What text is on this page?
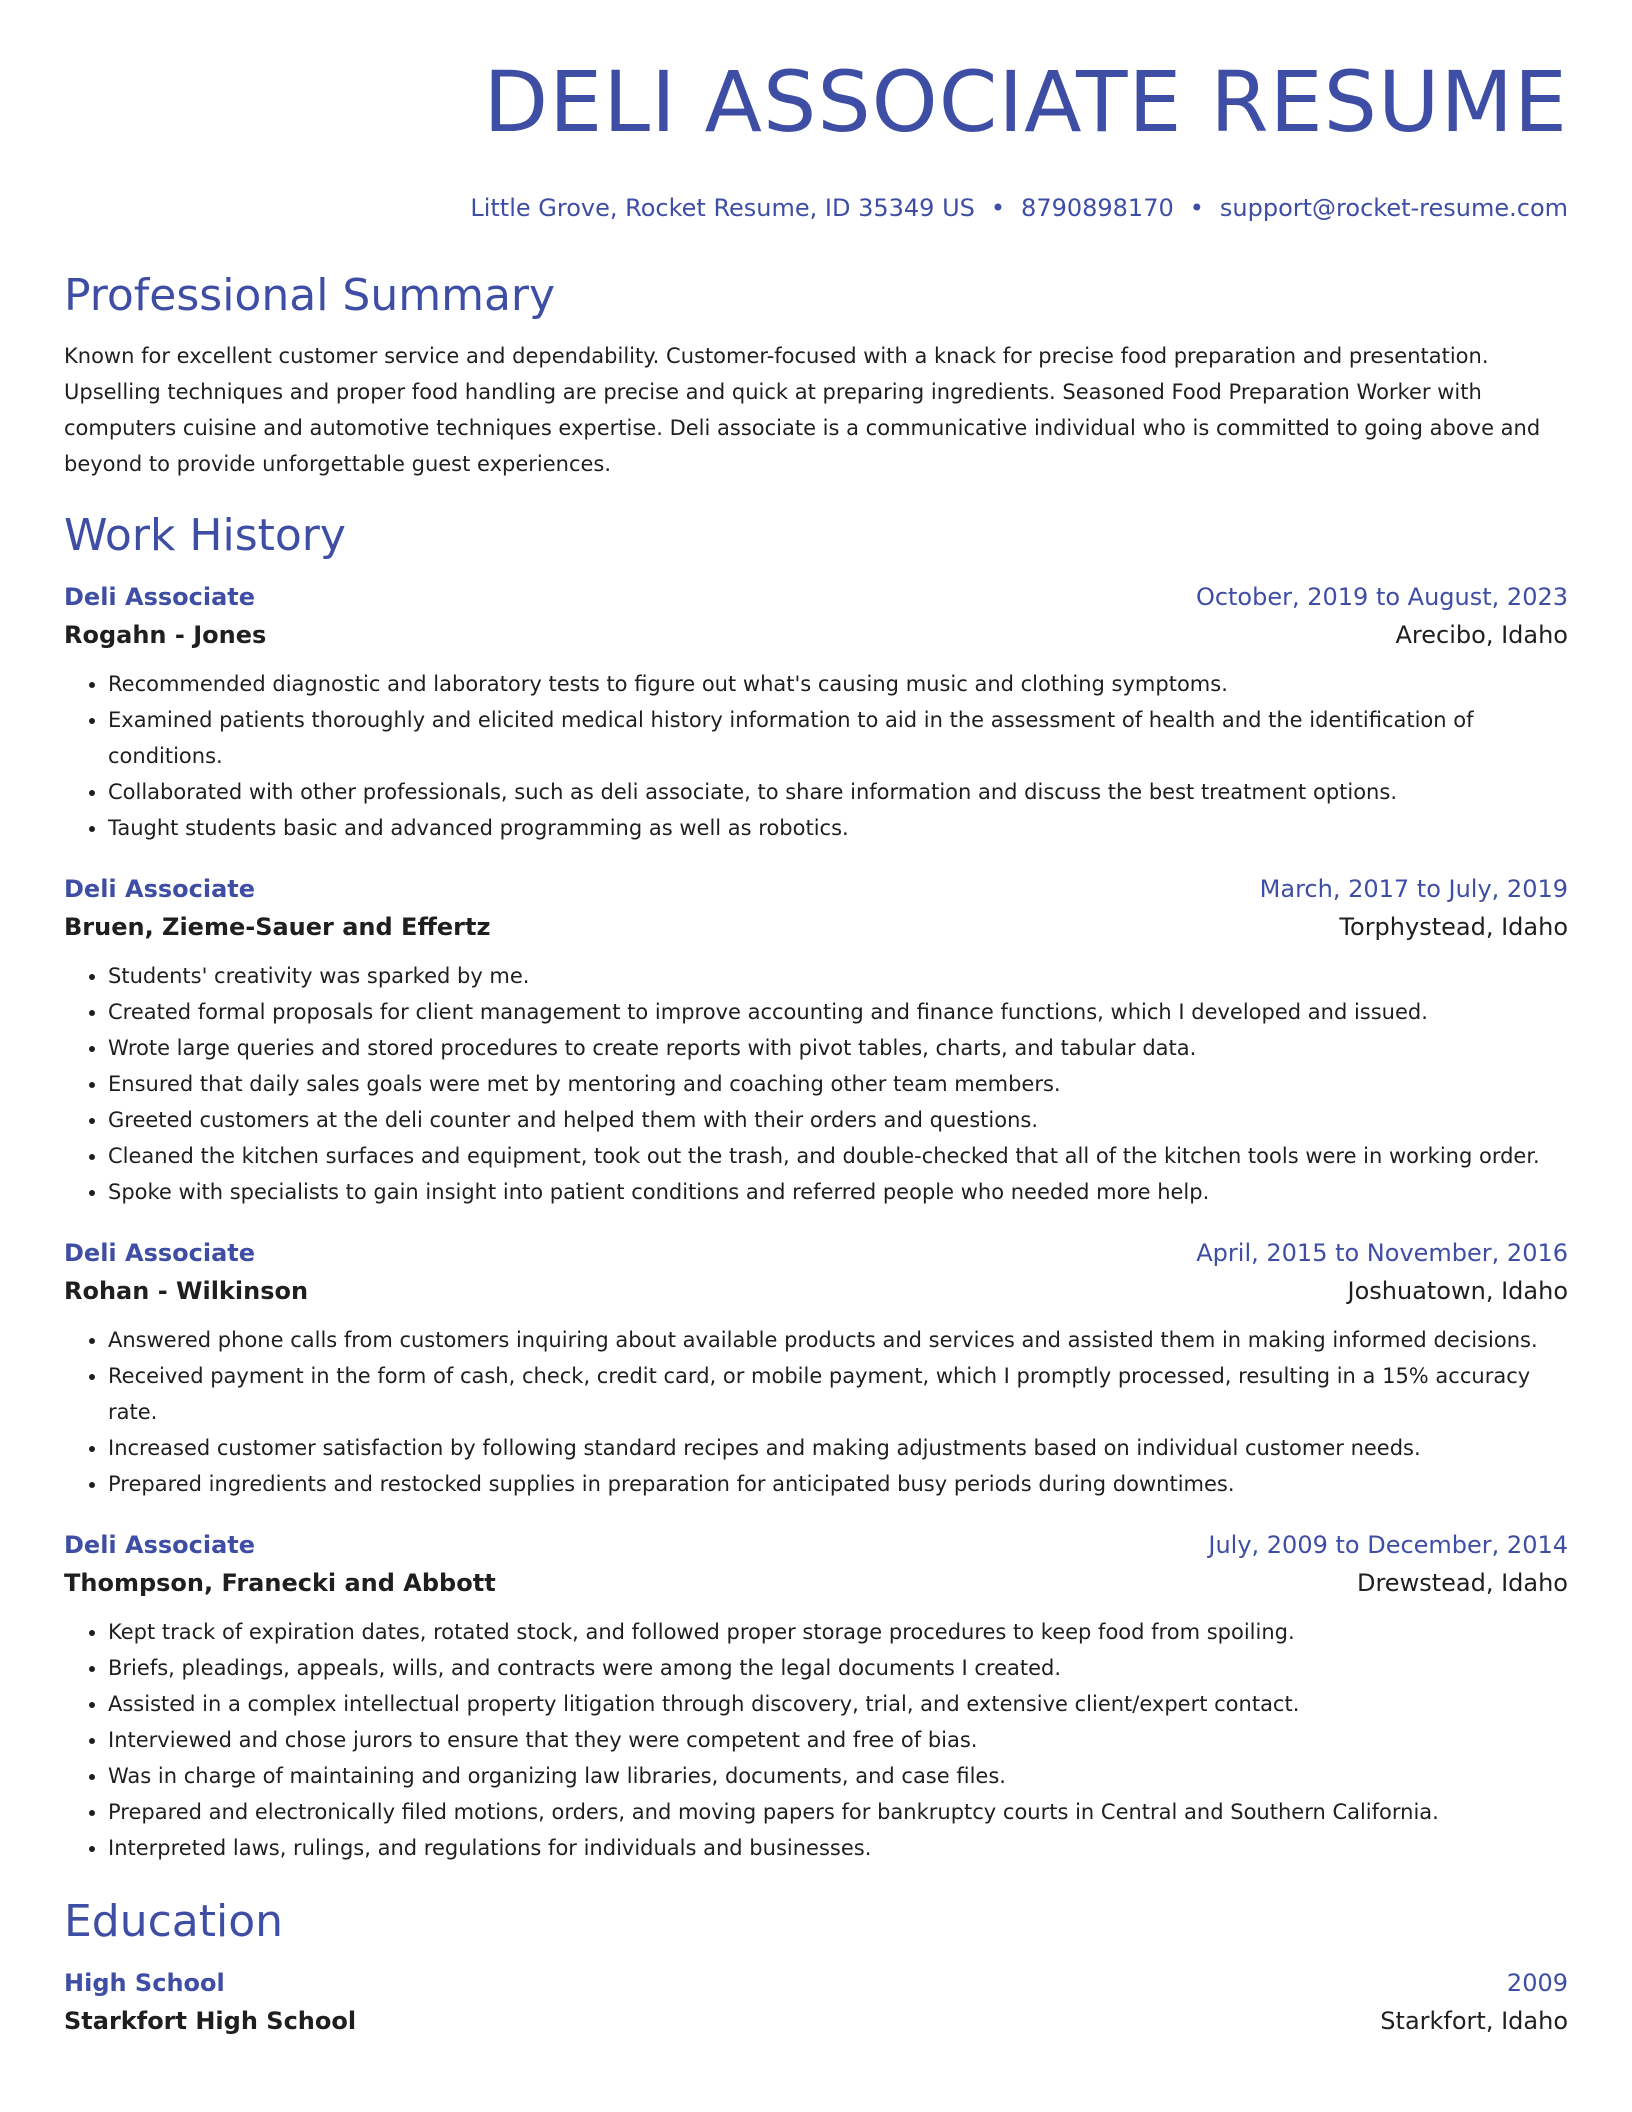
DELI ASSOCIATE RESUME
Little Grove, Rocket Resume, ID 35349 US • 8790898170 • support@rocket-resume.com
Professional Summary
Known for excellent customer service and dependability. Customer-focused with a knack for precise food preparation and presentation. Upselling techniques and proper food handling are precise and quick at preparing ingredients. Seasoned Food Preparation Worker with computers cuisine and automotive techniques expertise. Deli associate is a communicative individual who is committed to going above and beyond to provide unforgettable guest experiences.
Work History
Deli Associate	October, 2019 to August, 2023
Rogahn - Jones	Arecibo, Idaho
• Recommended diagnostic and laboratory tests to figure out what's causing music and clothing symptoms.
• Examined patients thoroughly and elicited medical history information to aid in the assessment of health and the identification of conditions.
• Collaborated with other professionals, such as deli associate, to share information and discuss the best treatment options.
• Taught students basic and advanced programming as well as robotics.
Deli Associate	March, 2017 to July, 2019
Bruen, Zieme-Sauer and Effertz	Torphystead, Idaho
• Students' creativity was sparked by me.
• Created formal proposals for client management to improve accounting and finance functions, which I developed and issued.
• Wrote large queries and stored procedures to create reports with pivot tables, charts, and tabular data.
• Ensured that daily sales goals were met by mentoring and coaching other team members.
• Greeted customers at the deli counter and helped them with their orders and questions.
• Cleaned the kitchen surfaces and equipment, took out the trash, and double-checked that all of the kitchen tools were in working order.
• Spoke with specialists to gain insight into patient conditions and referred people who needed more help.
Deli Associate	April, 2015 to November, 2016
Rohan - Wilkinson	Joshuatown, Idaho
• Answered phone calls from customers inquiring about available products and services and assisted them in making informed decisions.
• Received payment in the form of cash, check, credit card, or mobile payment, which I promptly processed, resulting in a 15% accuracy rate.
• Increased customer satisfaction by following standard recipes and making adjustments based on individual customer needs.
• Prepared ingredients and restocked supplies in preparation for anticipated busy periods during downtimes.
Deli Associate	July, 2009 to December, 2014
Thompson, Franecki and Abbott	Drewstead, Idaho
• Kept track of expiration dates, rotated stock, and followed proper storage procedures to keep food from spoiling.
• Briefs, pleadings, appeals, wills, and contracts were among the legal documents I created.
• Assisted in a complex intellectual property litigation through discovery, trial, and extensive client/expert contact.
• Interviewed and chose jurors to ensure that they were competent and free of bias.
• Was in charge of maintaining and organizing law libraries, documents, and case files.
• Prepared and electronically filed motions, orders, and moving papers for bankruptcy courts in Central and Southern California.
• Interpreted laws, rulings, and regulations for individuals and businesses.
Education
High School	2009
Starkfort High School	Starkfort, Idaho
